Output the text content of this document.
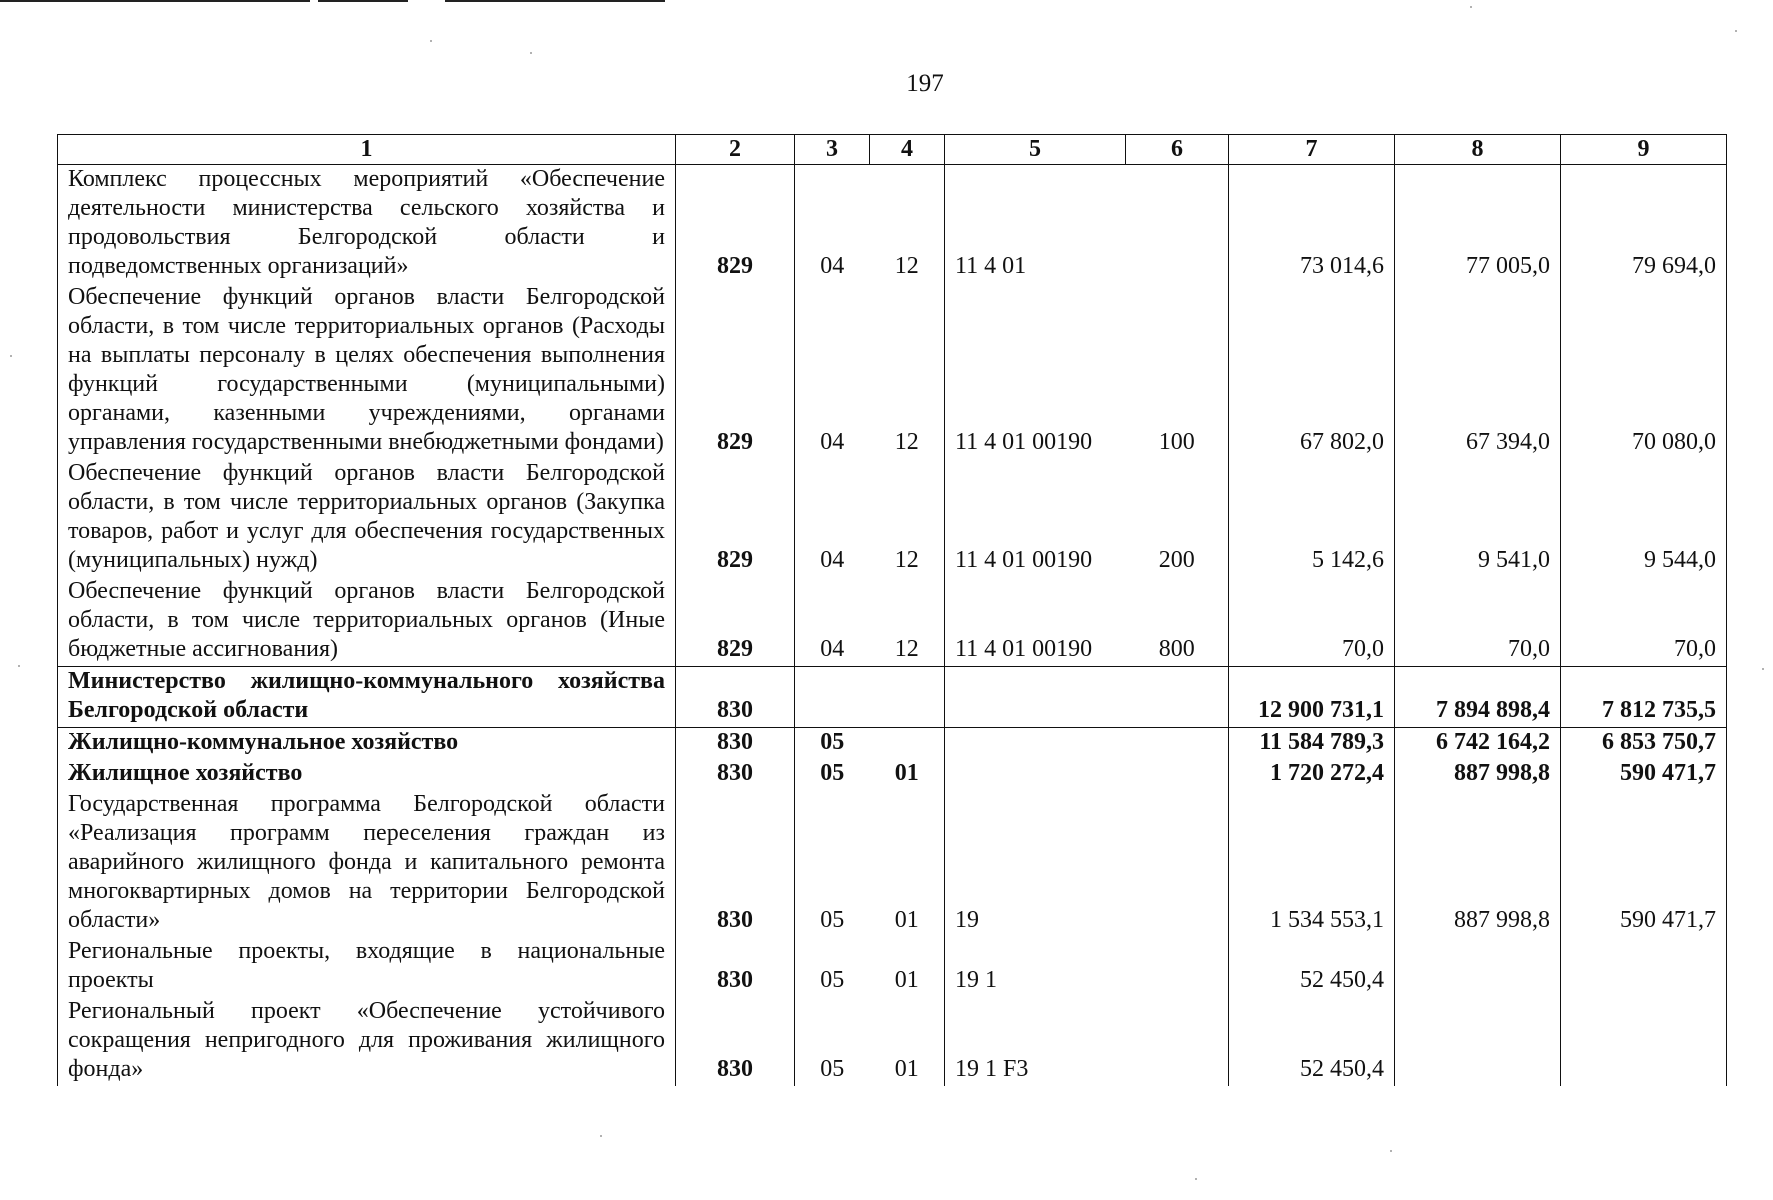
197
1	2	3	4	5	6	7	8	9
Комплекс процессных мероприятий «Обеспечение деятельности министерства сельского хозяйства и продовольствия Белгородской области и подведомственных организаций»	829	04	12	11 4 01		73 014,6	77 005,0	79 694,0
Обеспечение функций органов власти Белгородской области, в том числе территориальных органов (Расходы на выплаты персоналу в целях обеспечения выполнения функций государственными (муниципальными) органами, казенными учреждениями, органами управления государственными внебюджетными фондами)	829	04	12	11 4 01 00190	100	67 802,0	67 394,0	70 080,0
Обеспечение функций органов власти Белгородской области, в том числе территориальных органов (Закупка товаров, работ и услуг для обеспечения государственных (муниципальных) нужд)	829	04	12	11 4 01 00190	200	5 142,6	9 541,0	9 544,0
Обеспечение функций органов власти Белгородской области, в том числе территориальных органов (Иные бюджетные ассигнования)	829	04	12	11 4 01 00190	800	70,0	70,0	70,0
Министерство жилищно-коммунального хозяйства Белгородской области	830					12 900 731,1	7 894 898,4	7 812 735,5
Жилищно-коммунальное хозяйство	830	05				11 584 789,3	6 742 164,2	6 853 750,7
Жилищное хозяйство	830	05	01			1 720 272,4	887 998,8	590 471,7
Государственная программа Белгородской области «Реализация программ переселения граждан из аварийного жилищного фонда и капитального ремонта многоквартирных домов на территории Белгородской области»	830	05	01	19		1 534 553,1	887 998,8	590 471,7
Региональные проекты, входящие в национальные проекты	830	05	01	19 1		52 450,4		
Региональный проект «Обеспечение устойчивого сокращения непригодного для проживания жилищного фонда»	830	05	01	19 1 F3		52 450,4		
